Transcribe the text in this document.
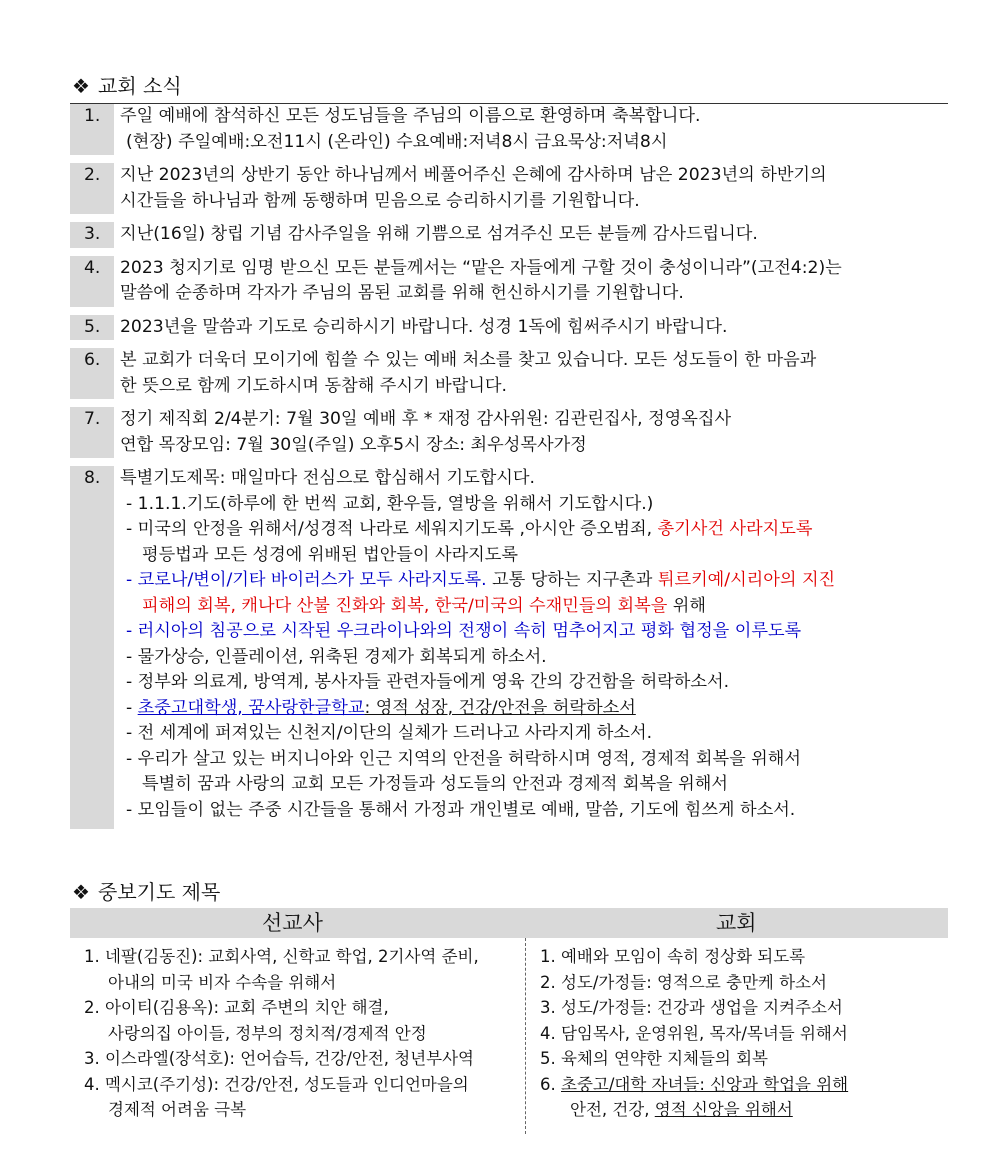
❖ 교회 소식
1.	주일 예배에 참석하신 모든 성도님들을 주님의 이름으로 환영하며 축복합니다.
(현장) 주일예배:오전11시 (온라인) 수요예배:저녁8시 금요묵상:저녁8시
2.	지난 2023년의 상반기 동안 하나님께서 베풀어주신 은혜에 감사하며 남은 2023년의 하반기의
시간들을 하나님과 함께 동행하며 믿음으로 승리하시기를 기원합니다.
3.	지난(16일) 창립 기념 감사주일을 위해 기쁨으로 섬겨주신 모든 분들께 감사드립니다.
4.	2023 청지기로 임명 받으신 모든 분들께서는 “맡은 자들에게 구할 것이 충성이니라”(고전4:2)는
말씀에 순종하며 각자가 주님의 몸된 교회를 위해 헌신하시기를 기원합니다.
5.	2023년을 말씀과 기도로 승리하시기 바랍니다. 성경 1독에 힘써주시기 바랍니다.
6.	본 교회가 더욱더 모이기에 힘쓸 수 있는 예배 처소를 찾고 있습니다. 모든 성도들이 한 마음과
한 뜻으로 함께 기도하시며 동참해 주시기 바랍니다.
7.	정기 제직회 2/4분기: 7월 30일 예배 후 * 재정 감사위원: 김관린집사, 정영옥집사
연합 목장모임: 7월 30일(주일) 오후5시 장소: 최우성목사가정
8.	특별기도제목: 매일마다 전심으로 합심해서 기도합시다.
- 1.1.1.기도(하루에 한 번씩 교회, 환우들, 열방을 위해서 기도합시다.)
- 미국의 안정을 위해서/성경적 나라로 세워지기도록 ,아시안 증오범죄, 총기사건 사라지도록
평등법과 모든 성경에 위배된 법안들이 사라지도록
- 코로나/변이/기타 바이러스가 모두 사라지도록. 고통 당하는 지구촌과 튀르키예/시리아의 지진
피해의 회복, 캐나다 산불 진화와 회복, 한국/미국의 수재민들의 회복을 위해
- 러시아의 침공으로 시작된 우크라이나와의 전쟁이 속히 멈추어지고 평화 협정을 이루도록
- 물가상승, 인플레이션, 위축된 경제가 회복되게 하소서.
- 정부와 의료계, 방역계, 봉사자들 관련자들에게 영육 간의 강건함을 허락하소서.
- 초중고대학생, 꿈사랑한글학교: 영적 성장, 건강/안전을 허락하소서
- 전 세계에 퍼져있는 신천지/이단의 실체가 드러나고 사라지게 하소서.
- 우리가 살고 있는 버지니아와 인근 지역의 안전을 허락하시며 영적, 경제적 회복을 위해서
특별히 꿈과 사랑의 교회 모든 가정들과 성도들의 안전과 경제적 회복을 위해서
- 모임들이 없는 주중 시간들을 통해서 가정과 개인별로 예배, 말씀, 기도에 힘쓰게 하소서.
❖ 중보기도 제목
선교사	교회
1. 네팔(김동진): 교회사역, 신학교 학업, 2기사역 준비,
아내의 미국 비자 수속을 위해서
2. 아이티(김용옥): 교회 주변의 치안 해결,
사랑의집 아이들, 정부의 정치적/경제적 안정
3. 이스라엘(장석호): 언어습득, 건강/안전, 청년부사역
4. 멕시코(주기성): 건강/안전, 성도들과 인디언마을의
경제적 어려움 극복
1. 예배와 모임이 속히 정상화 되도록
2. 성도/가정들: 영적으로 충만케 하소서
3. 성도/가정들: 건강과 생업을 지켜주소서
4. 담임목사, 운영위원, 목자/목녀들 위해서
5. 육체의 연약한 지체들의 회복
6. 초중고/대학 자녀들: 신앙과 학업을 위해
안전, 건강, 영적 신앙을 위해서
